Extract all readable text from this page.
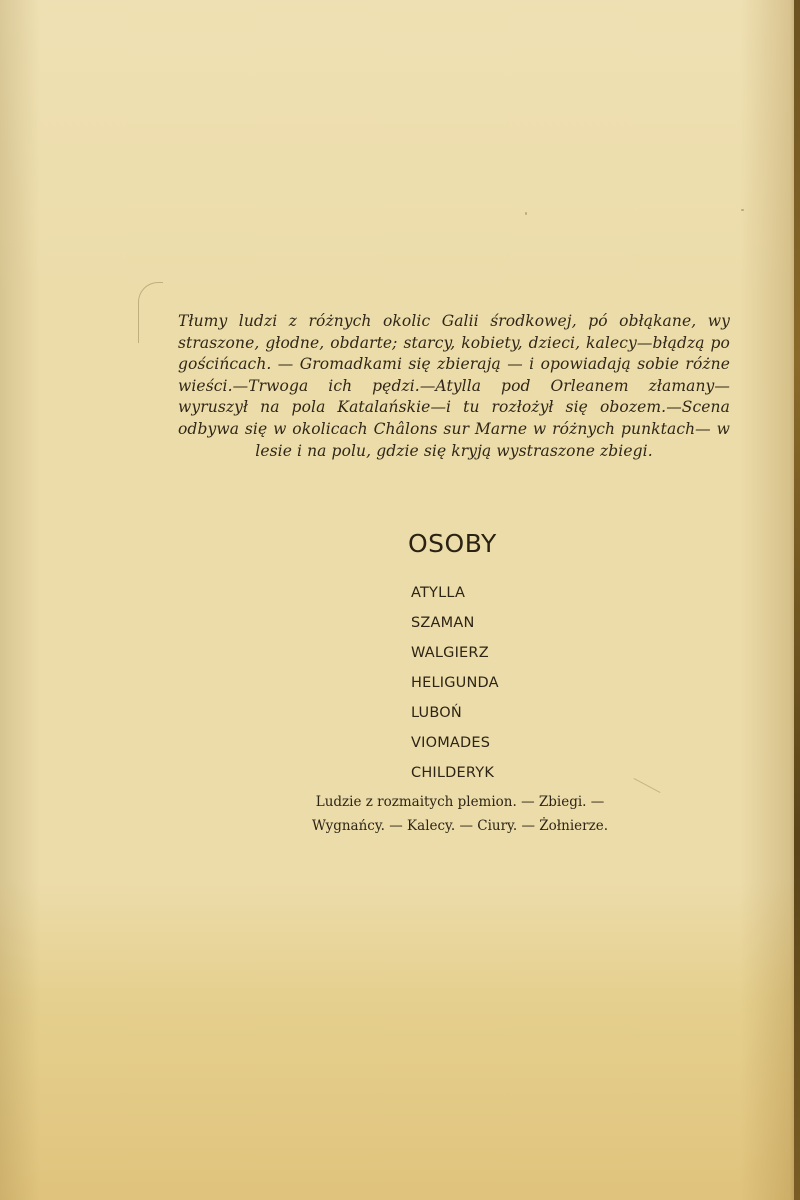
Tłumy ludzi z różnych okolic Galii środkowej, pó obłąkane, wy straszone, głodne, obdarte; starcy, kobiety, dzieci, kalecy—błądzą po gościńcach. — Gromadkami się zbierają — i opowiadają sobie różne wieści.—Trwoga ich pędzi.—Atylla pod Orleanem złamany— wyruszył na pola Katalańskie—i tu rozłożył się obozem.—Scena odbywa się w okolicach Châlons sur Marne w różnych punktach— w lesie i na polu, gdzie się kryją wystraszone zbiegi.

OSOBY
ATYLLA
SZAMAN
WALGIERZ
HELIGUNDA
LUBOŃ
VIOMADES
CHILDERYK
Ludzie z rozmaitych plemion. — Zbiegi. —
Wygnańcy. — Kalecy. — Ciury. — Żołnierze.
